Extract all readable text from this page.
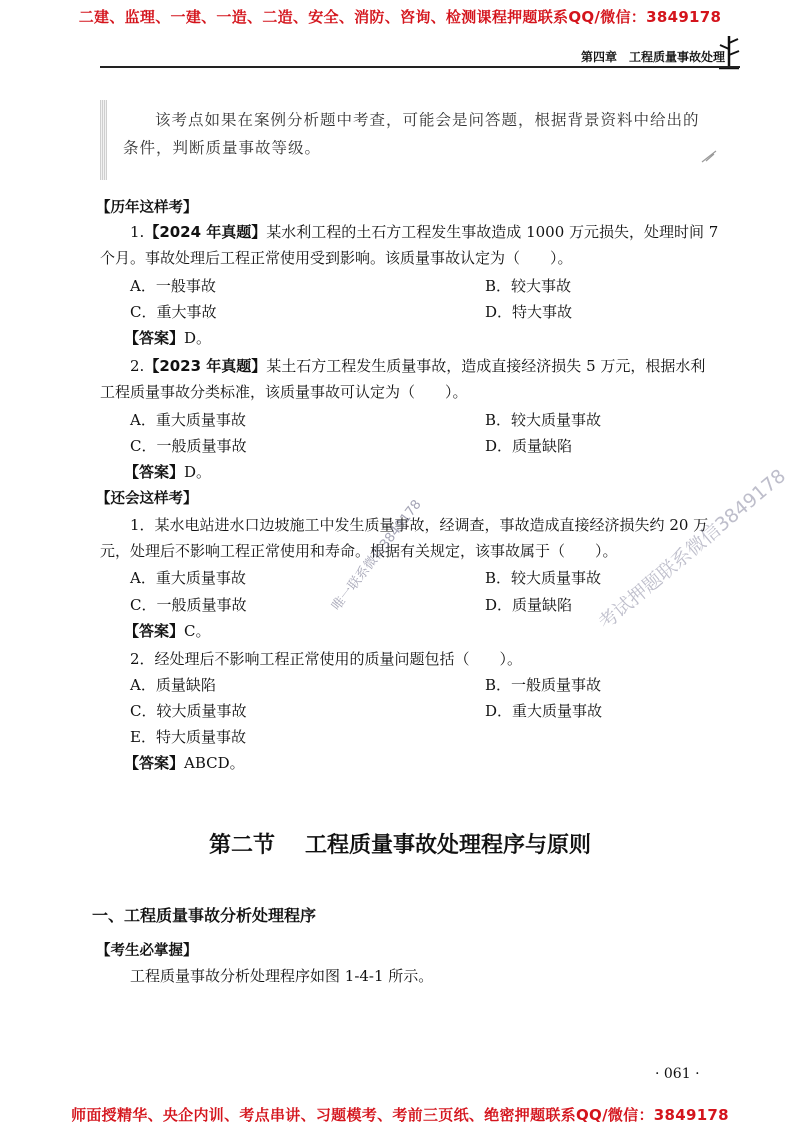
二建、监理、一建、一造、二造、安全、消防、咨询、检测课程押题联系QQ/微信：3849178
第四章　工程质量事故处理

该考点如果在案例分析题中考查，可能会是问答题，根据背景资料中给出的条件，判断质量事故等级。

【历年这样考】

1.【2024 年真题】某水利工程的土石方工程发生事故造成 1000 万元损失，处理时间 7 个月。事故处理后工程正常使用受到影响。该质量事故认定为（　　）。

A．一般事故	B．较大事故
C．重大事故	D．特大事故
【答案】D。

2.【2023 年真题】某土石方工程发生质量事故，造成直接经济损失 5 万元，根据水利工程质量事故分类标准，该质量事故可认定为（　　）。

A．重大质量事故	B．较大质量事故
C．一般质量事故	D．质量缺陷
【答案】D。
【还会这样考】

1．某水电站进水口边坡施工中发生质量事故，经调查，事故造成直接经济损失约 20 万元，处理后不影响工程正常使用和寿命。根据有关规定，该事故属于（　　）。

A．重大质量事故	B．较大质量事故
C．一般质量事故	D．质量缺陷
【答案】C。

2．经处理后不影响工程正常使用的质量问题包括（　　）。

A．质量缺陷	B．一般质量事故
C．较大质量事故	D．重大质量事故
E．特大质量事故
【答案】ABCD。
第二节 工程质量事故处理程序与原则
一、工程质量事故分析处理程序
【考生必掌握】
工程质量事故分析处理程序如图 1-4-1 所示。
· 061 ·
唯一联系微信3849178	考试押题联系微信3849178
师面授精华、央企内训、考点串讲、习题模考、考前三页纸、绝密押题联系QQ/微信：3849178
